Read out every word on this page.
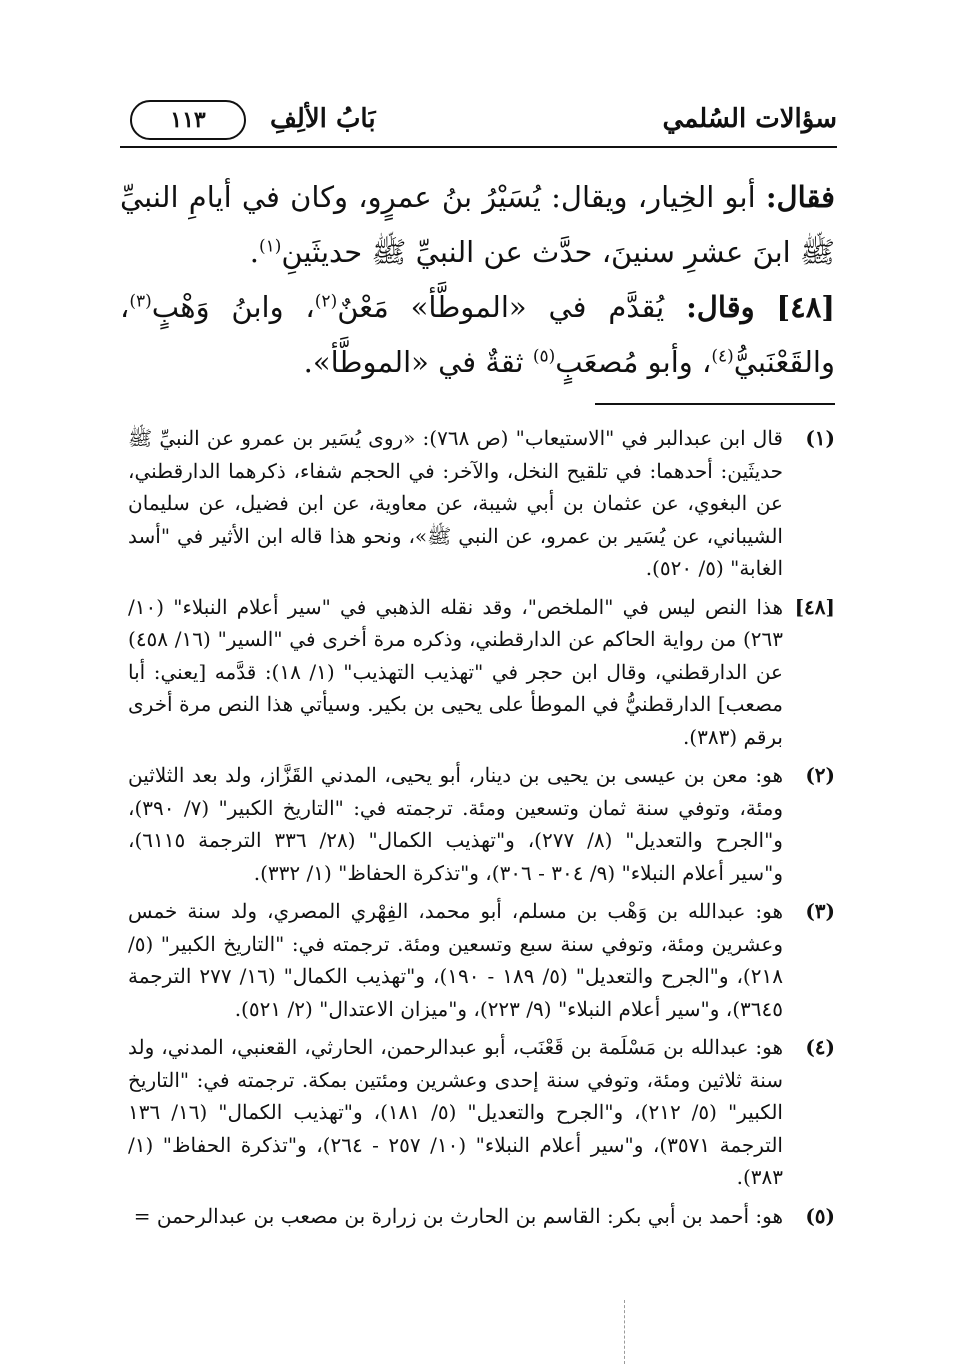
سؤالات السُلمي
بَابُ الألِفِ
١١٣

فقال: أبو الخِيار، ويقال: يُسَيْرُ بنُ عمرٍو، وكان في أيامِ النبيِّ ﷺ ابنَ عشرِ سنينَ، حدَّث عن النبيِّ ﷺ حديثَينِ$^{(١)}$.

[٤٨] وقال: يُقدَّم في «الموطَّأ» مَعْنٌ$^{(٢)}$، وابنُ وَهْبٍ$^{(٣)}$، والقَعْنَبيُّ$^{(٤)}$، وأبو مُصعَبٍ$^{(٥)}$ ثقةٌ في «الموطَّأ».

(١)
قال ابن عبدالبر في "الاستيعاب" (ص ٧٦٨): «روى يُسَير بن عمرو عن النبيِّ ﷺ حديثَين: أحدهما: في تلقيح النخل، والآخر: في الحجم شفاء، ذكرهما الدارقطني، عن البغوي، عن عثمان بن أبي شيبة، عن معاوية، عن ابن فضيل، عن سليمان الشيباني، عن يُسَير بن عمرو، عن النبي ﷺ»، ونحو هذا قاله ابن الأثير في "أسد الغابة" (٥/ ٥٢٠).
[٤٨]
هذا النص ليس في "الملخص"، وقد نقله الذهبي في "سير أعلام النبلاء" (١٠/ ٢٦٣) من رواية الحاكم عن الدارقطني، وذكره مرة أخرى في "السير" (١٦/ ٤٥٨) عن الدارقطني، وقال ابن حجر في "تهذيب التهذيب" (١/ ١٨): قدَّمه [يعني: أبا مصعب] الدارقطنيُّ في الموطأ على يحيى بن بكير. وسيأتي هذا النص مرة أخرى برقم (٣٨٣).
(٢)
هو: معن بن عيسى بن يحيى بن دينار، أبو يحيى، المدني القَزَّاز، ولد بعد الثلاثين ومئة، وتوفي سنة ثمان وتسعين ومئة. ترجمته في: "التاريخ الكبير" (٧/ ٣٩٠)، و"الجرح والتعديل" (٨/ ٢٧٧)، و"تهذيب الكمال" (٢٨/ ٣٣٦ الترجمة ٦١١٥)، و"سير أعلام النبلاء" (٩/ ٣٠٤ - ٣٠٦)، و"تذكرة الحفاظ" (١/ ٣٣٢).
(٣)
هو: عبدالله بن وَهْب بن مسلم، أبو محمد، الفِهْري المصري، ولد سنة خمس وعشرين ومئة، وتوفي سنة سبع وتسعين ومئة. ترجمته في: "التاريخ الكبير" (٥/ ٢١٨)، و"الجرح والتعديل" (٥/ ١٨٩ - ١٩٠)، و"تهذيب الكمال" (١٦/ ٢٧٧ الترجمة ٣٦٤٥)، و"سير أعلام النبلاء" (٩/ ٢٢٣)، و"ميزان الاعتدال" (٢/ ٥٢١).
(٤)
هو: عبدالله بن مَسْلَمة بن قَعْنَب، أبو عبدالرحمن، الحارثي، القعنبي، المدني، ولد سنة ثلاثين ومئة، وتوفي سنة إحدى وعشرين ومئتين بمكة. ترجمته في: "التاريخ الكبير" (٥/ ٢١٢)، و"الجرح والتعديل" (٥/ ١٨١)، و"تهذيب الكمال" (١٦/ ١٣٦ الترجمة ٣٥٧١)، و"سير أعلام النبلاء" (١٠/ ٢٥٧ - ٢٦٤)، و"تذكرة الحفاظ" (١/ ٣٨٣).
(٥)
هو: أحمد بن أبي بكر: القاسم بن الحارث بن زرارة بن مصعب بن عبدالرحمن =
